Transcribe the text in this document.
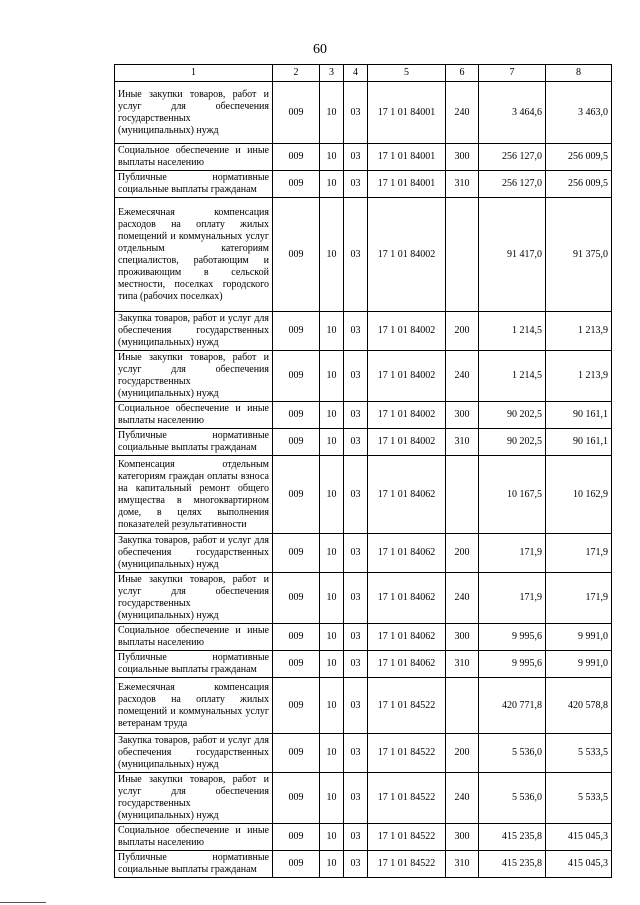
60
1	2	3	4	5	6	7	8
Иные закупки товаров, работ и услуг для обеспечения государственных (муниципальных) нужд	009	10	03	17 1 01 84001	240	3 464,6	3 463,0
Социальное обеспечение и иные выплаты населению	009	10	03	17 1 01 84001	300	256 127,0	256 009,5
Публичные нормативные социальные выплаты гражданам	009	10	03	17 1 01 84001	310	256 127,0	256 009,5
Ежемесячная компенсация расходов на оплату жилых помещений и коммунальных услуг отдельным категориям специалистов, работающим и проживающим в сельской местности, поселках городского типа (рабочих поселках)	009	10	03	17 1 01 84002		91 417,0	91 375,0
Закупка товаров, работ и услуг для обеспечения государственных (муниципальных) нужд	009	10	03	17 1 01 84002	200	1 214,5	1 213,9
Иные закупки товаров, работ и услуг для обеспечения государственных (муниципальных) нужд	009	10	03	17 1 01 84002	240	1 214,5	1 213,9
Социальное обеспечение и иные выплаты населению	009	10	03	17 1 01 84002	300	90 202,5	90 161,1
Публичные нормативные социальные выплаты гражданам	009	10	03	17 1 01 84002	310	90 202,5	90 161,1
Компенсация отдельным категориям граждан оплаты взноса на капитальный ремонт общего имущества в многоквартирном доме, в целях выполнения показателей результативности	009	10	03	17 1 01 84062		10 167,5	10 162,9
Закупка товаров, работ и услуг для обеспечения государственных (муниципальных) нужд	009	10	03	17 1 01 84062	200	171,9	171,9
Иные закупки товаров, работ и услуг для обеспечения государственных (муниципальных) нужд	009	10	03	17 1 01 84062	240	171,9	171,9
Социальное обеспечение и иные выплаты населению	009	10	03	17 1 01 84062	300	9 995,6	9 991,0
Публичные нормативные социальные выплаты гражданам	009	10	03	17 1 01 84062	310	9 995,6	9 991,0
Ежемесячная компенсация расходов на оплату жилых помещений и коммунальных услуг ветеранам труда	009	10	03	17 1 01 84522		420 771,8	420 578,8
Закупка товаров, работ и услуг для обеспечения государственных (муниципальных) нужд	009	10	03	17 1 01 84522	200	5 536,0	5 533,5
Иные закупки товаров, работ и услуг для обеспечения государственных (муниципальных) нужд	009	10	03	17 1 01 84522	240	5 536,0	5 533,5
Социальное обеспечение и иные выплаты населению	009	10	03	17 1 01 84522	300	415 235,8	415 045,3
Публичные нормативные социальные выплаты гражданам	009	10	03	17 1 01 84522	310	415 235,8	415 045,3
